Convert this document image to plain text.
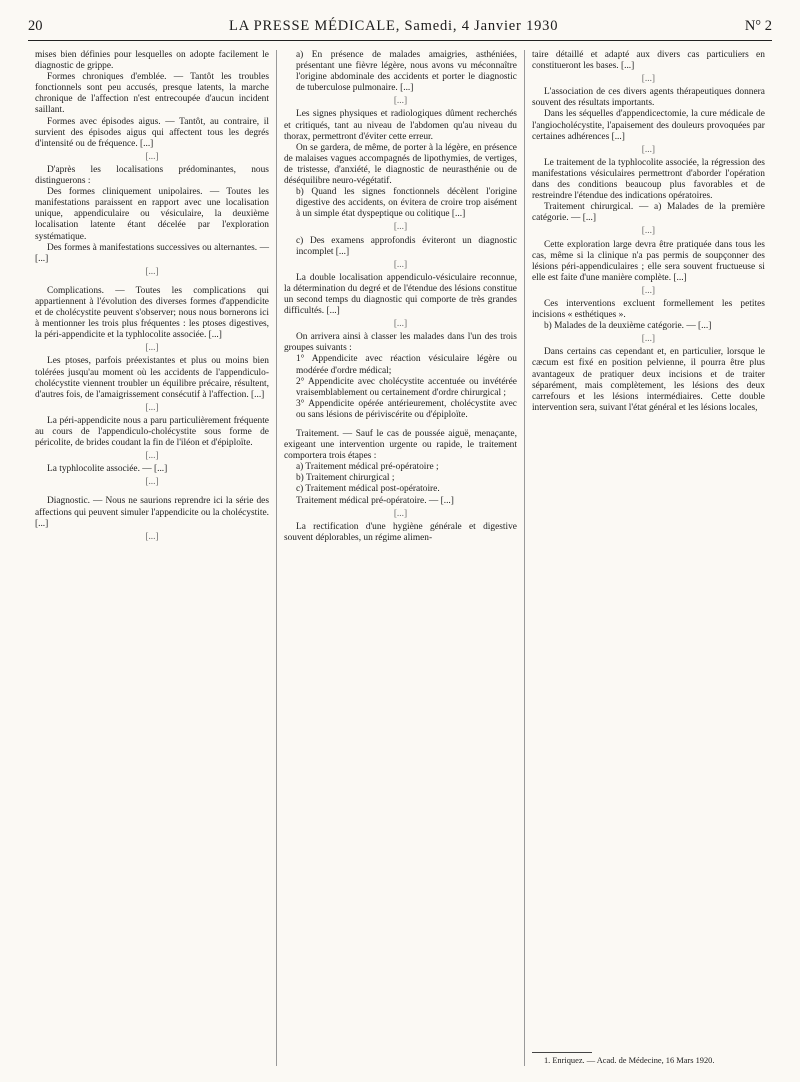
20	LA PRESSE MÉDICALE, Samedi, 4 Janvier 1930	N° 2

mises bien définies pour lesquelles on adopte facilement le diagnostic de grippe.

Formes chroniques d'emblée. — Tantôt les troubles fonctionnels sont peu accusés, presque latents, la marche chronique de l'affection n'est entrecoupée d'aucun incident saillant.

Formes avec épisodes aigus. — Tantôt, au contraire, il survient des épisodes aigus qui affectent tous les degrés d'intensité ou de fréquence. [...]

[...]

D'après les localisations prédominantes, nous distinguerons :

Des formes cliniquement unipolaires. — Toutes les manifestations paraissent en rapport avec une localisation unique, appendiculaire ou vésiculaire, la deuxième localisation latente étant décelée par l'exploration systématique.

Des formes à manifestations successives ou alternantes. — [...]

[...]

Complications. — Toutes les complications qui appartiennent à l'évolution des diverses formes d'appendicite et de cholécystite peuvent s'observer; nous nous bornerons ici à mentionner les trois plus fréquentes : les ptoses digestives, la péri-appendicite et la typhlocolite associée. [...]

[...]

Les ptoses, parfois préexistantes et plus ou moins bien tolérées jusqu'au moment où les accidents de l'appendiculo-cholécystite viennent troubler un équilibre précaire, résultent, d'autres fois, de l'amaigrissement consécutif à l'affection. [...]

[...]

La péri-appendicite nous a paru particulièrement fréquente au cours de l'appendiculo-cholécystite sous forme de péricolite, de brides coudant la fin de l'iléon et d'épiploïte.

[...]

La typhlocolite associée. — [...]

[...]

Diagnostic. — Nous ne saurions reprendre ici la série des affections qui peuvent simuler l'appendicite ou la cholécystite. [...]

[...]

a) En présence de malades amaigries, asthéniées, présentant une fièvre légère, nous avons vu méconnaître l'origine abdominale des accidents et porter le diagnostic de tuberculose pulmonaire. [...]

[...]

Les signes physiques et radiologiques dûment recherchés et critiqués, tant au niveau de l'abdomen qu'au niveau du thorax, permettront d'éviter cette erreur.

On se gardera, de même, de porter à la légère, en présence de malaises vagues accompagnés de lipothymies, de vertiges, de tristesse, d'anxiété, le diagnostic de neurasthénie ou de déséquilibre neuro-végétatif.

b) Quand les signes fonctionnels décèlent l'origine digestive des accidents, on évitera de croire trop aisément à un simple état dyspeptique ou colitique [...]

[...]

c) Des examens approfondis éviteront un diagnostic incomplet [...]

[...]

La double localisation appendiculo-vésiculaire reconnue, la détermination du degré et de l'étendue des lésions constitue un second temps du diagnostic qui comporte de très grandes difficultés. [...]

[...]

On arrivera ainsi à classer les malades dans l'un des trois groupes suivants :

1° Appendicite avec réaction vésiculaire légère ou modérée d'ordre médical;

2° Appendicite avec cholécystite accentuée ou invétérée vraisemblablement ou certainement d'ordre chirurgical ;

3° Appendicite opérée antérieurement, cholécystite avec ou sans lésions de périviscérite ou d'épiploïte.

Traitement. — Sauf le cas de poussée aiguë, menaçante, exigeant une intervention urgente ou rapide, le traitement comportera trois étapes :

a) Traitement médical pré-opératoire ;

b) Traitement chirurgical ;

c) Traitement médical post-opératoire.

Traitement médical pré-opératoire. — [...]

[...]

La rectification d'une hygiène générale et digestive souvent déplorables, un régime alimen-

taire détaillé et adapté aux divers cas particuliers en constitueront les bases. [...]

[...]

L'association de ces divers agents thérapeutiques donnera souvent des résultats importants.

Dans les séquelles d'appendicectomie, la cure médicale de l'angiocholécystite, l'apaisement des douleurs provoquées par certaines adhérences [...]

[...]

Le traitement de la typhlocolite associée, la régression des manifestations vésiculaires permettront d'aborder l'opération dans des conditions beaucoup plus favorables et de restreindre l'étendue des indications opératoires.

Traitement chirurgical. — a) Malades de la première catégorie. — [...]

[...]

Cette exploration large devra être pratiquée dans tous les cas, même si la clinique n'a pas permis de soupçonner des lésions péri-appendiculaires ; elle sera souvent fructueuse si elle est faite d'une manière complète. [...]

[...]

Ces interventions excluent formellement les petites incisions « esthétiques ».

b) Malades de la deuxième catégorie. — [...]

[...]

Dans certains cas cependant et, en particulier, lorsque le cæcum est fixé en position pelvienne, il pourra être plus avantageux de pratiquer deux incisions et de traiter séparément, mais complètement, les lésions des deux carrefours et les lésions intermédiaires. Cette double intervention sera, suivant l'état général et les lésions locales,

1. Enriquez. — Acad. de Médecine, 16 Mars 1920.
